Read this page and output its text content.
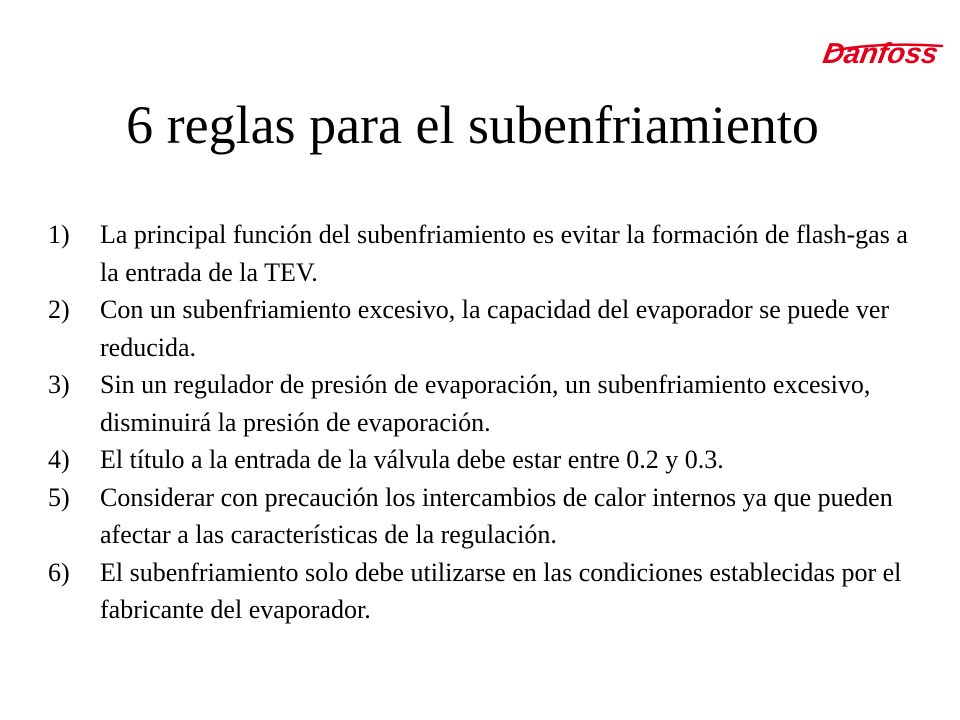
Danfoss
6 reglas para el subenfriamiento
1) La principal función del subenfriamiento es evitar la formación de flash-gas a la entrada de la TEV.
2) Con un subenfriamiento excesivo, la capacidad del evaporador se puede ver reducida.
3) Sin un regulador de presión de evaporación, un subenfriamiento excesivo, disminuirá la presión de evaporación.
4) El título a la entrada de la válvula debe estar entre 0.2 y 0.3.
5) Considerar con precaución los intercambios de calor internos ya que pueden afectar a las características de la regulación.
6) El subenfriamiento solo debe utilizarse en las condiciones establecidas por el fabricante del evaporador.
